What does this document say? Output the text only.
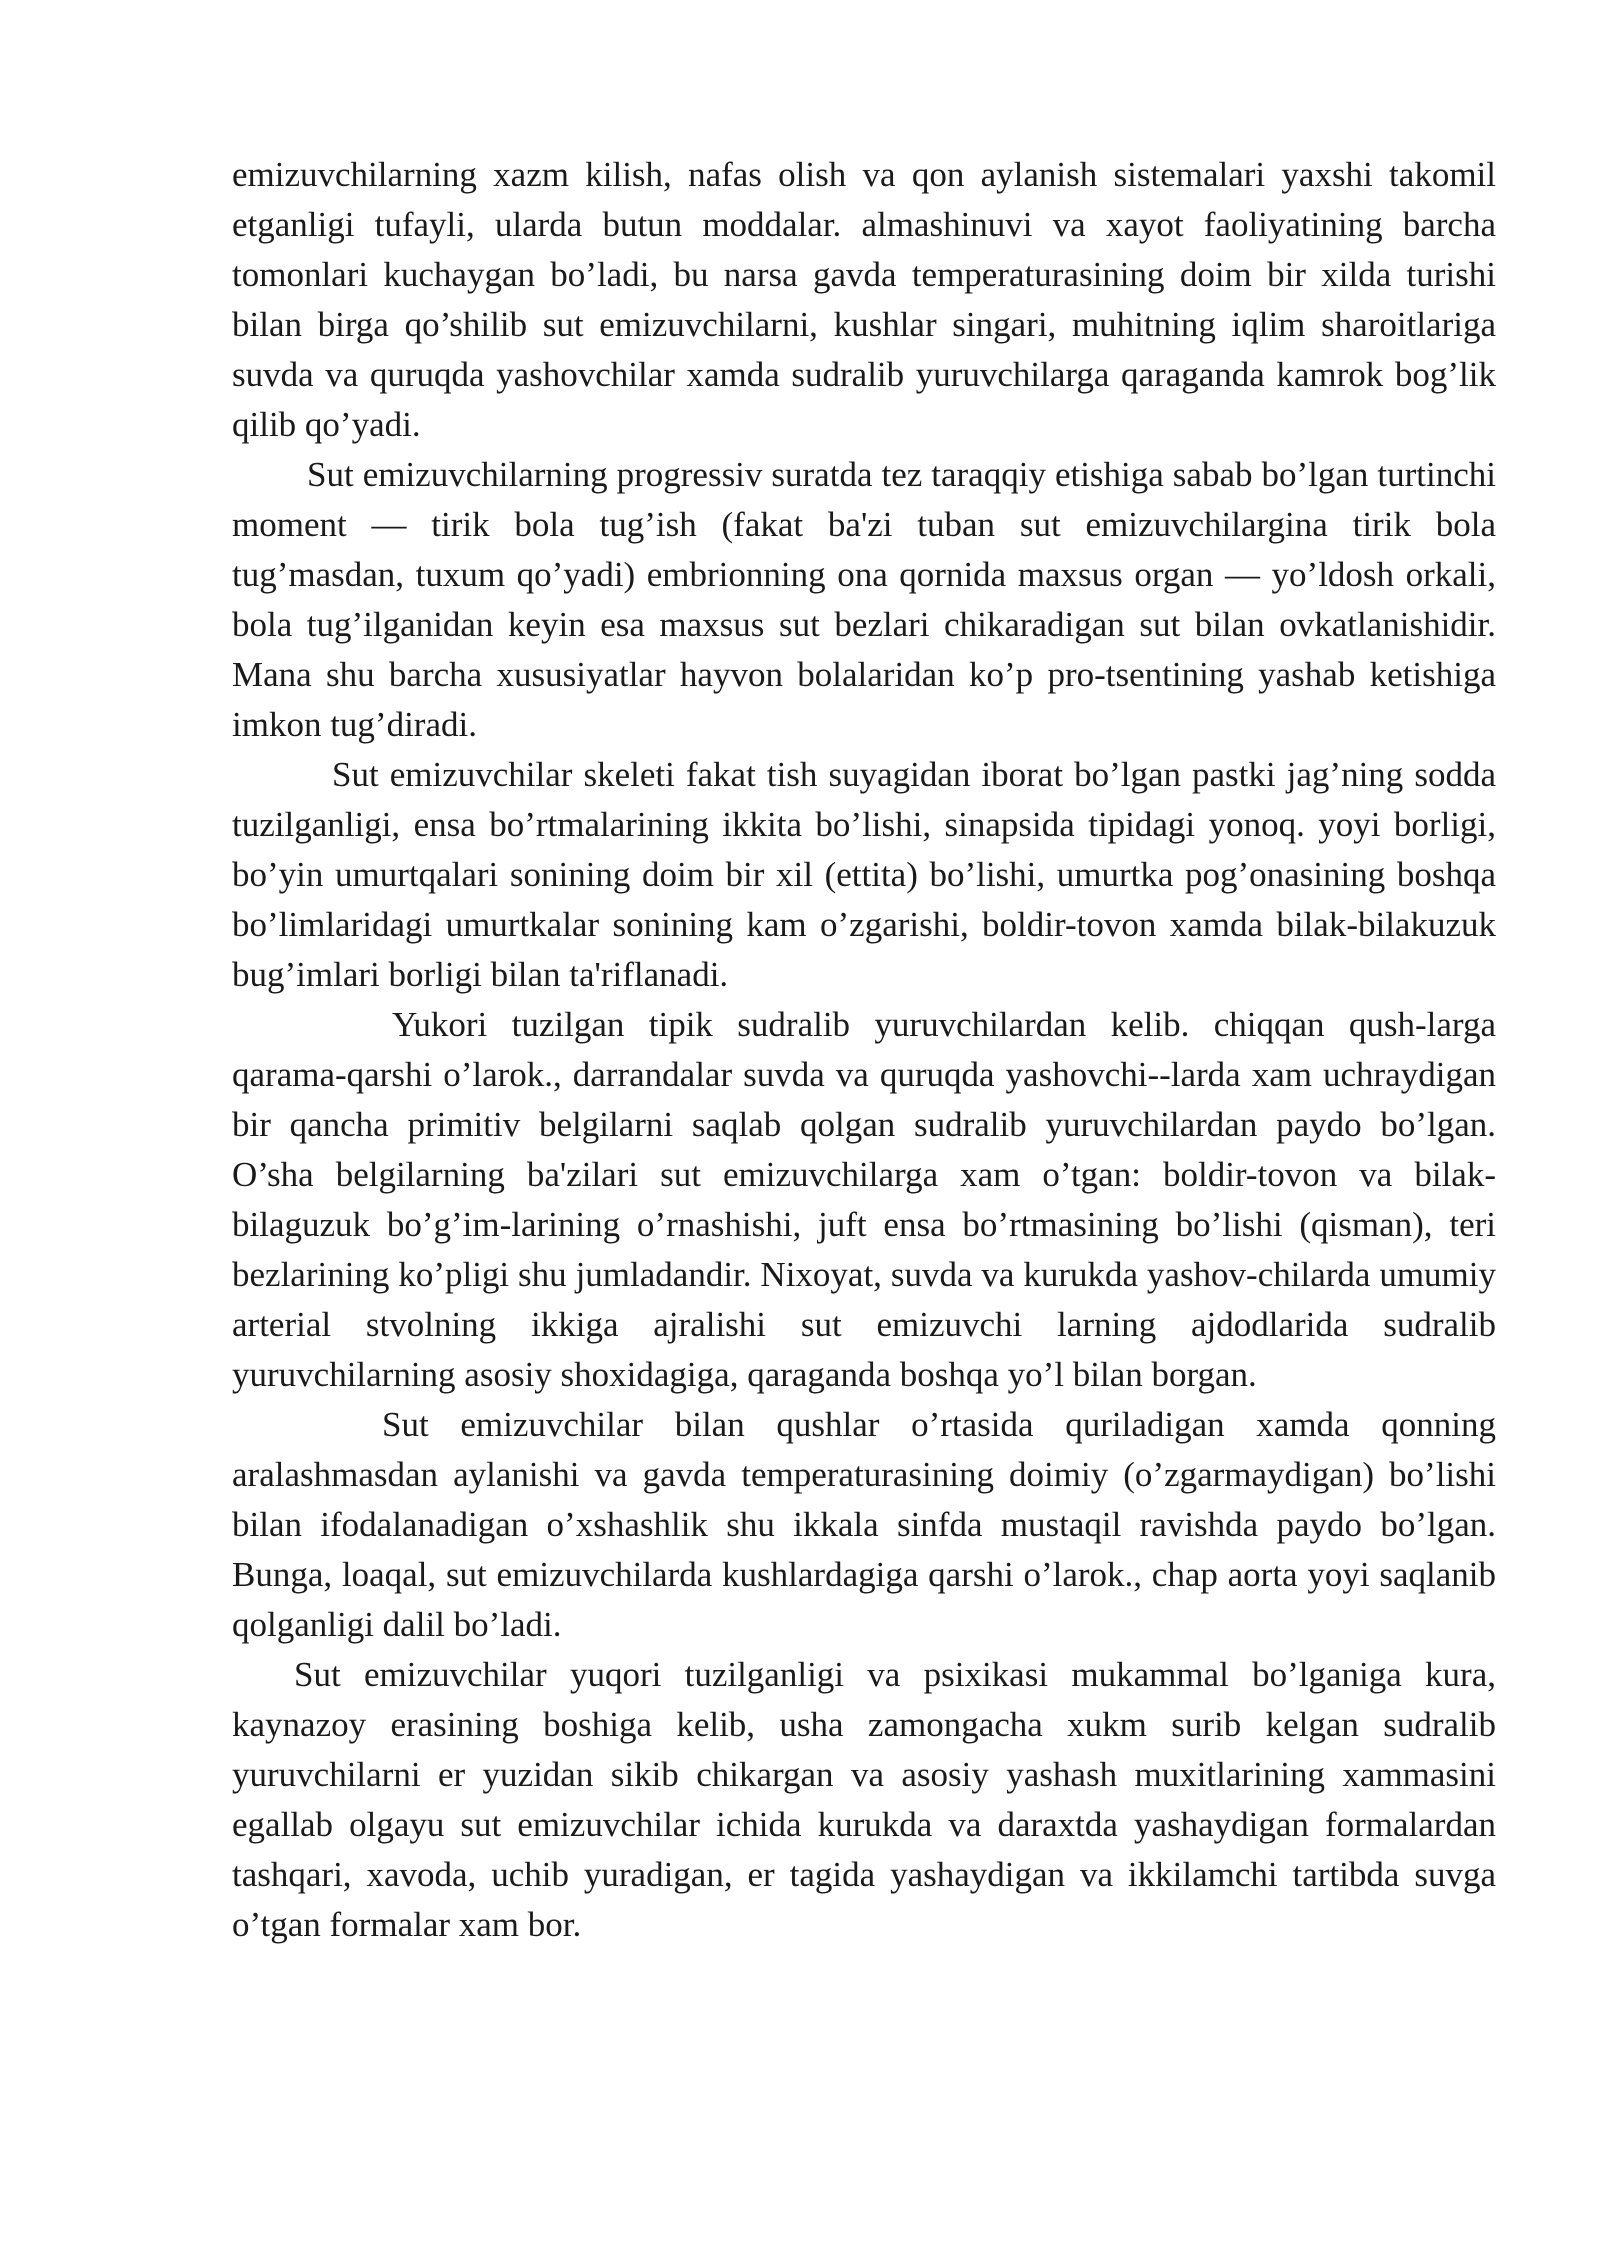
emizuvchilarning xazm kilish, nafas olish va qon aylanish sistemalari yaxshi takomil etganligi tufayli, ularda butun moddalar. almashinuvi va xayot faoliyatining barcha tomonlari kuchaygan bo’ladi, bu narsa gavda temperaturasining doim bir xilda turishi bilan birga qo’shilib sut emizuvchilarni, kushlar singari, muhitning iqlim sharoitlariga suvda va quruqda yashovchilar xamda sudralib yuruvchilarga qaraganda kamrok bog’lik qilib qo’yadi.

Sut emizuvchilarning progressiv suratda tez taraqqiy etishiga sabab bo’lgan turtinchi moment — tirik bola tug’ish (fakat ba'zi tuban sut emizuvchilargina tirik bola tug’masdan, tuxum qo’yadi) embrionning ona qornida maxsus organ — yo’ldosh orkali, bola tug’ilganidan keyin esa maxsus sut bezlari chikaradigan sut bilan ovkatlanishidir. Mana shu barcha xususiyatlar hayvon bolalaridan ko’p pro-tsentining yashab ketishiga imkon tug’diradi.

Sut emizuvchilar skeleti fakat tish suyagidan iborat bo’lgan pastki jag’ning sodda tuzilganligi, ensa bo’rtmalarining ikkita bo’lishi, sinapsida tipidagi yonoq. yoyi borligi, bo’yin umurtqalari sonining doim bir xil (ettita) bo’lishi, umurtka pog’onasining boshqa bo’limlaridagi umurtkalar sonining kam o’zgarishi, boldir-tovon xamda bilak-bilakuzuk bug’imlari borligi bilan ta'riflanadi.

Yukori tuzilgan tipik sudralib yuruvchilardan kelib. chiqqan qush-larga qarama-qarshi o’larok., darrandalar suvda va quruqda yashovchi--larda xam uchraydigan bir qancha primitiv belgilarni saqlab qolgan sudralib yuruvchilardan paydo bo’lgan. O’sha belgilarning ba'zilari sut emizuvchilarga xam o’tgan: boldir-tovon va bilak-bilaguzuk bo’g’im-larining o’rnashishi, juft ensa bo’rtmasining bo’lishi (qisman), teri bezlarining ko’pligi shu jumladandir. Nixoyat, suvda va kurukda yashov-chilarda umumiy arterial stvolning ikkiga ajralishi sut emizuvchi larning ajdodlarida sudralib yuruvchilarning asosiy shoxidagiga, qaraganda boshqa yo’l bilan borgan.

Sut emizuvchilar bilan qushlar o’rtasida quriladigan xamda qonning aralashmasdan aylanishi va gavda temperaturasining doimiy (o’zgarmaydigan) bo’lishi bilan ifodalanadigan o’xshashlik shu ikkala sinfda mustaqil ravishda paydo bo’lgan. Bunga, loaqal, sut emizuvchilarda kushlardagiga qarshi o’larok., chap aorta yoyi saqlanib qolganligi dalil bo’ladi.

Sut emizuvchilar yuqori tuzilganligi va psixikasi mukammal bo’lganiga kura, kaynazoy erasining boshiga kelib, usha zamongacha xukm surib kelgan sudralib yuruvchilarni er yuzidan sikib chikargan va asosiy yashash muxitlarining xammasini egallab olgayu sut emizuvchilar ichida kurukda va daraxtda yashaydigan formalardan tashqari, xavoda, uchib yuradigan, er tagida yashaydigan va ikkilamchi tartibda suvga o’tgan formalar xam bor.
